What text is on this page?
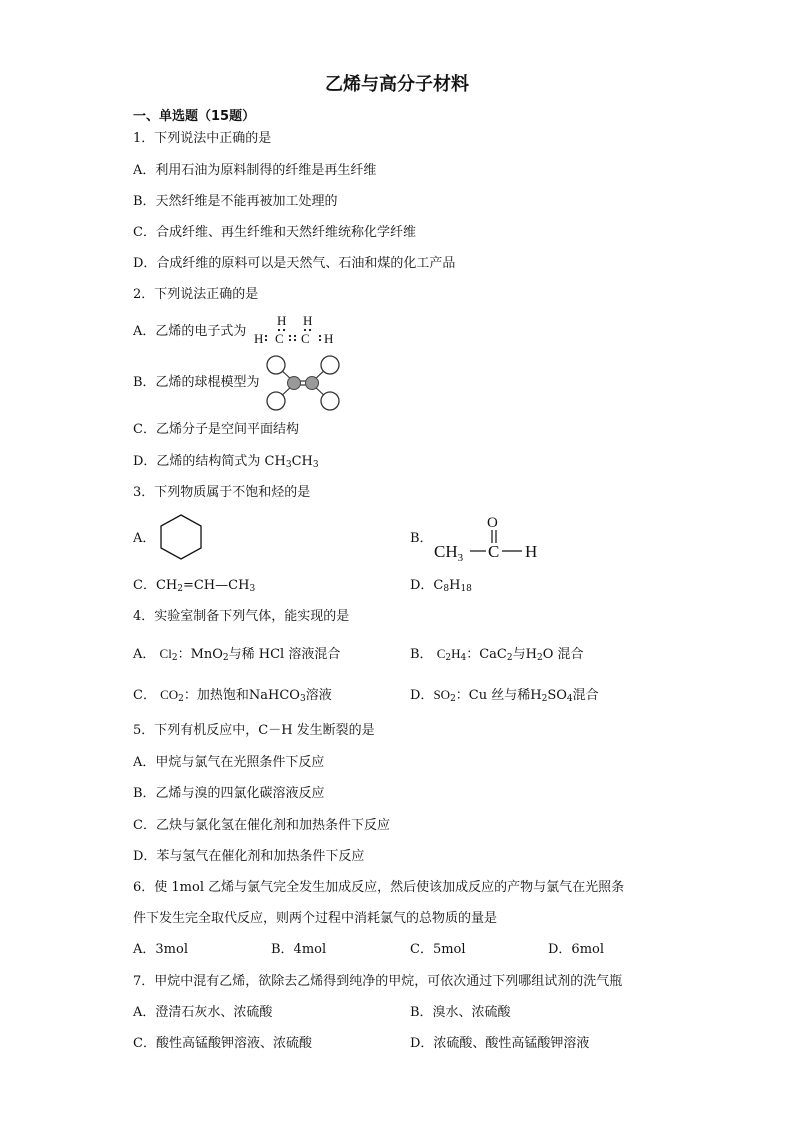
乙烯与高分子材料
一、单选题（15题）
1．下列说法中正确的是
A．利用石油为原料制得的纤维是再生纤维
B．天然纤维是不能再被加工处理的
C．合成纤维、再生纤维和天然纤维统称化学纤维
D．合成纤维的原料可以是天然气、石油和煤的化工产品
2．下列说法正确的是
A．乙烯的电子式为
H H
H C C H
B．乙烯的球棍模型为
C．乙烯分子是空间平面结构
D．乙烯的结构简式为 $CH_3CH_3$
3．下列物质属于不饱和烃的是
A．	B．
O
$CH_3$ C H
C．$CH_2=CH—CH_3$	D．$C_8H_{18}$
4．实验室制备下列气体，能实现的是
A． $Cl_2$：MnO$_2$与稀 HCl 溶液混合	B． $C_2H_4$：CaC$_2$与$H_2O$ 混合
C． $CO_2$：加热饱和NaHCO$_3$溶液	D．$SO_2$：Cu 丝与稀$H_2SO_4$混合
5．下列有机反应中，C－H 发生断裂的是
A．甲烷与氯气在光照条件下反应
B．乙烯与溴的四氯化碳溶液反应
C．乙炔与氯化氢在催化剂和加热条件下反应
D．苯与氢气在催化剂和加热条件下反应
6．使 1mol 乙烯与氯气完全发生加成反应，然后使该加成反应的产物与氯气在光照条
件下发生完全取代反应，则两个过程中消耗氯气的总物质的量是
A．3mol	B．4mol	C．5mol	D．6mol
7．甲烷中混有乙烯，欲除去乙烯得到纯净的甲烷，可依次通过下列哪组试剂的洗气瓶
A．澄清石灰水、浓硫酸	B．溴水、浓硫酸
C．酸性高锰酸钾溶液、浓硫酸	D．浓硫酸、酸性高锰酸钾溶液
